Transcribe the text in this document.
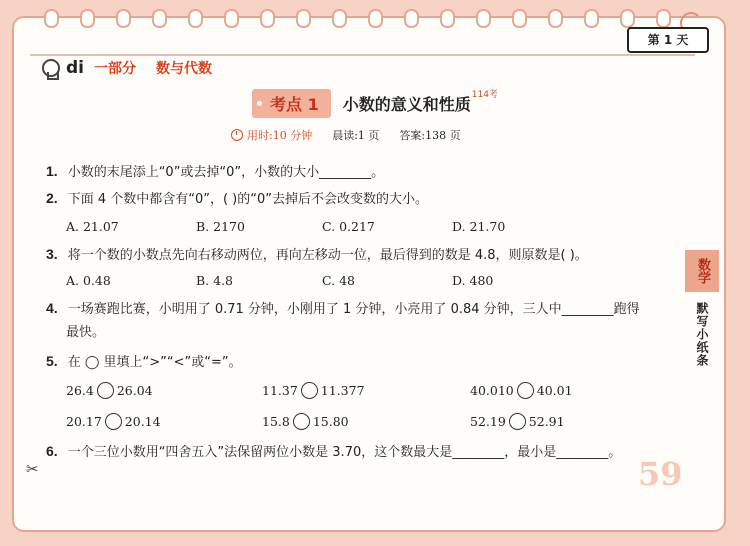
第 1 天
di 一部分 数与代数
考点 1	小数的意义和性质 114考
用时:10 分钟 晨读:1 页 答案:138 页
1. 小数的末尾添上“0”或去掉“0”，小数的大小________。
2. 下面 4 个数中都含有“0”，( )的“0”去掉后不会改变数的大小。
A. 21.07	B. 2170	C. 0.217	D. 21.70
3. 将一个数的小数点先向右移动两位，再向左移动一位，最后得到的数是 4.8，则原数是( )。
A. 0.48	B. 4.8	C. 48	D. 480
4. 一场赛跑比赛，小明用了 0.71 分钟，小刚用了 1 分钟，小亮用了 0.84 分钟，三人中________跑得
最快。
5. 在 ◯ 里填上“>”“<”或“=”。
26.4 26.04	11.37 11.377	40.010 40.01
20.17 20.14	15.8 15.80	52.19 52.91
6. 一个三位小数用“四舍五入”法保留两位小数是 3.70，这个数最大是________，最小是________。
数学
默写小纸条
✂	59
